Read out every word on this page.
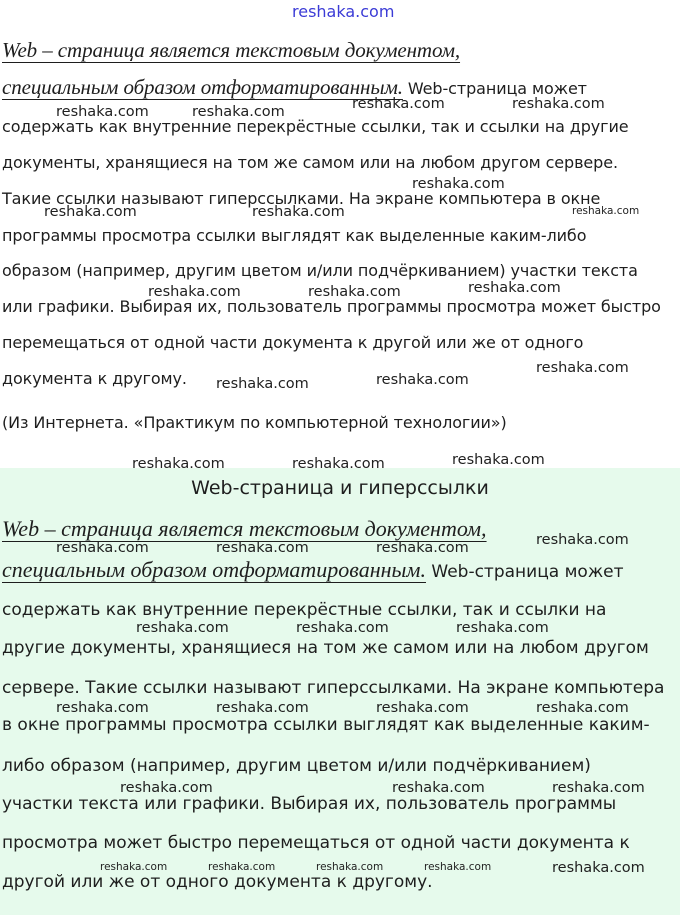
reshaka.com
Web – страница является текстовым документом,
специальным образом отформатированным. Web-страница может
содержать как внутренние перекрёстные ссылки, так и ссылки на другие
документы, хранящиеся на том же самом или на любом другом сервере.
Такие ссылки называют гиперссылками. На экране компьютера в окне
программы просмотра ссылки выглядят как выделенные каким-либо
образом (например, другим цветом и/или подчёркиванием) участки текста
или графики. Выбирая их, пользователь программы просмотра может быстро
перемещаться от одной части документа к другой или же от одного
документа к другому.
(Из Интернета. «Практикум по компьютерной технологии»)
Web-страница и гиперссылки
Web – страница является текстовым документом,
специальным образом отформатированным. Web-страница может
содержать как внутренние перекрёстные ссылки, так и ссылки на
другие документы, хранящиеся на том же самом или на любом другом
сервере. Такие ссылки называют гиперссылками. На экране компьютера
в окне программы просмотра ссылки выглядят как выделенные каким-
либо образом (например, другим цветом и/или подчёркиванием)
участки текста или графики. Выбирая их, пользователь программы
просмотра может быстро перемещаться от одной части документа к
другой или же от одного документа к другому.
reshaka.com	reshaka.com	reshaka.com	reshaka.com
reshaka.com
reshaka.com	reshaka.com	reshaka.com
reshaka.com	reshaka.com	reshaka.com
reshaka.com	reshaka.com
reshaka.com
reshaka.com	reshaka.com	reshaka.com
reshaka.com	reshaka.com	reshaka.com	reshaka.com
reshaka.com	reshaka.com	reshaka.com
reshaka.com	reshaka.com	reshaka.com	reshaka.com
reshaka.com	reshaka.com	reshaka.com
reshaka.com	reshaka.com	reshaka.com	reshaka.com	reshaka.com
